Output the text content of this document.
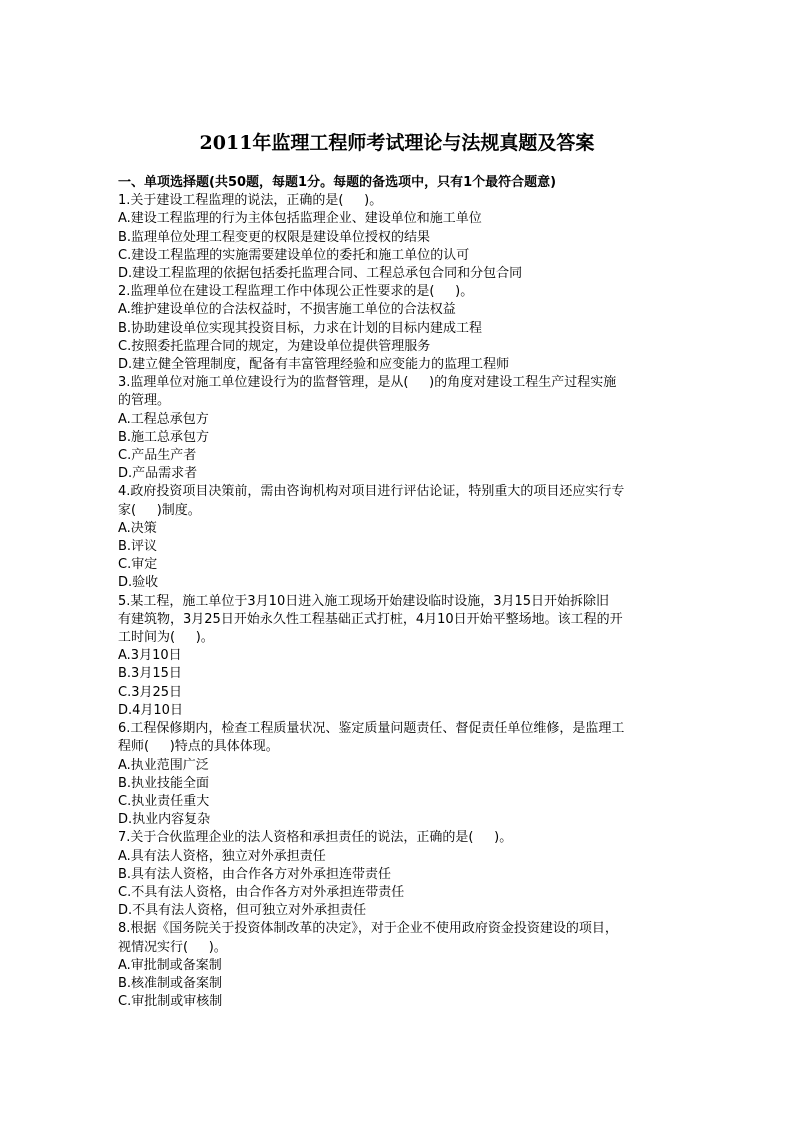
2011年监理工程师考试理论与法规真题及答案

一、单项选择题(共50题，每题1分。每题的备选项中，只有1个最符合题意)

1.关于建设工程监理的说法，正确的是(     )。

A.建设工程监理的行为主体包括监理企业、建设单位和施工单位

B.监理单位处理工程变更的权限是建设单位授权的结果

C.建设工程监理的实施需要建设单位的委托和施工单位的认可

D.建设工程监理的依据包括委托监理合同、工程总承包合同和分包合同

2.监理单位在建设工程监理工作中体现公正性要求的是(     )。

A.维护建设单位的合法权益时，不损害施工单位的合法权益

B.协助建设单位实现其投资目标，力求在计划的目标内建成工程

C.按照委托监理合同的规定，为建设单位提供管理服务

D.建立健全管理制度，配备有丰富管理经验和应变能力的监理工程师

3.监理单位对施工单位建设行为的监督管理，是从(     )的角度对建设工程生产过程实施

的管理。

A.工程总承包方

B.施工总承包方

C.产品生产者

D.产品需求者

4.政府投资项目决策前，需由咨询机构对项目进行评估论证，特别重大的项目还应实行专

家(     )制度。

A.决策

B.评议

C.审定

D.验收

5.某工程，施工单位于3月10日进入施工现场开始建设临时设施，3月15日开始拆除旧

有建筑物，3月25日开始永久性工程基础正式打桩，4月10日开始平整场地。该工程的开

工时间为(     )。

A.3月10日

B.3月15日

C.3月25日

D.4月10日

6.工程保修期内，检查工程质量状况、鉴定质量问题责任、督促责任单位维修，是监理工

程师(     )特点的具体体现。

A.执业范围广泛

B.执业技能全面

C.执业责任重大

D.执业内容复杂

7.关于合伙监理企业的法人资格和承担责任的说法，正确的是(     )。

A.具有法人资格，独立对外承担责任

B.具有法人资格，由合作各方对外承担连带责任

C.不具有法人资格，由合作各方对外承担连带责任

D.不具有法人资格，但可独立对外承担责任

8.根据《国务院关于投资体制改革的决定》，对于企业不使用政府资金投资建设的项目，

视情况实行(     )。

A.审批制或备案制

B.核准制或备案制

C.审批制或审核制
